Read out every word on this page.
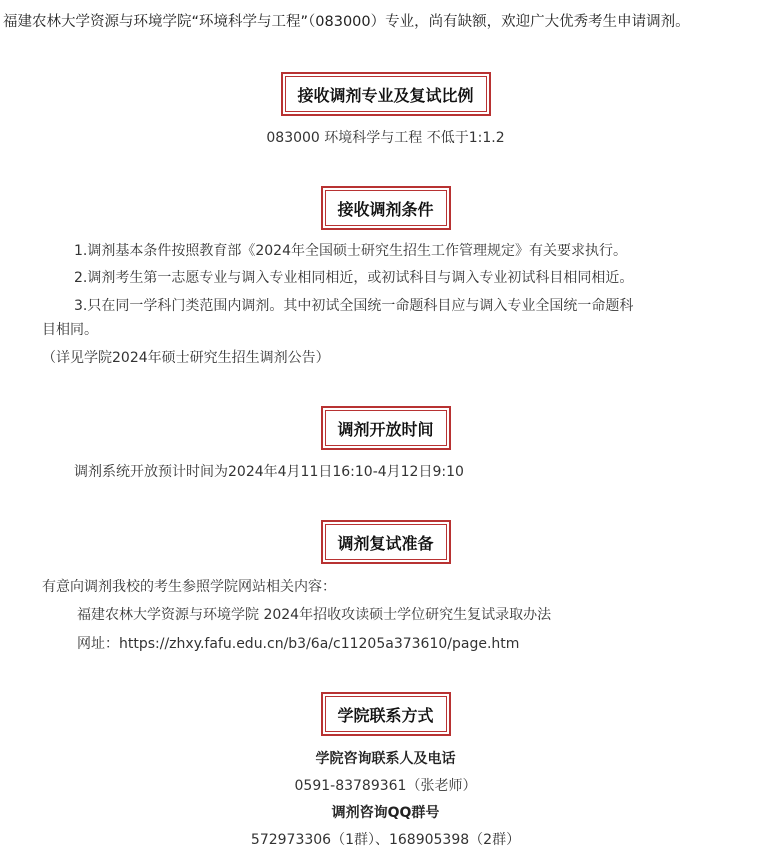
福建农林大学资源与环境学院“环境科学与工程”（083000）专业，尚有缺额，欢迎广大优秀考生申请调剂。
接收调剂专业及复试比例
083000 环境科学与工程 不低于1:1.2
接收调剂条件
1.调剂基本条件按照教育部《2024年全国硕士研究生招生工作管理规定》有关要求执行。
2.调剂考生第一志愿专业与调入专业相同相近，或初试科目与调入专业初试科目相同相近。
3.只在同一学科门类范围内调剂。其中初试全国统一命题科目应与调入专业全国统一命题科
目相同。
（详见学院2024年硕士研究生招生调剂公告）
调剂开放时间
调剂系统开放预计时间为2024年4月11日16:10-4月12日9:10
调剂复试准备
有意向调剂我校的考生参照学院网站相关内容：
福建农林大学资源与环境学院 2024年招收攻读硕士学位研究生复试录取办法
网址：https://zhxy.fafu.edu.cn/b3/6a/c11205a373610/page.htm
学院联系方式
学院咨询联系人及电话
0591-83789361（张老师）
调剂咨询QQ群号
572973306（1群）、168905398（2群）
